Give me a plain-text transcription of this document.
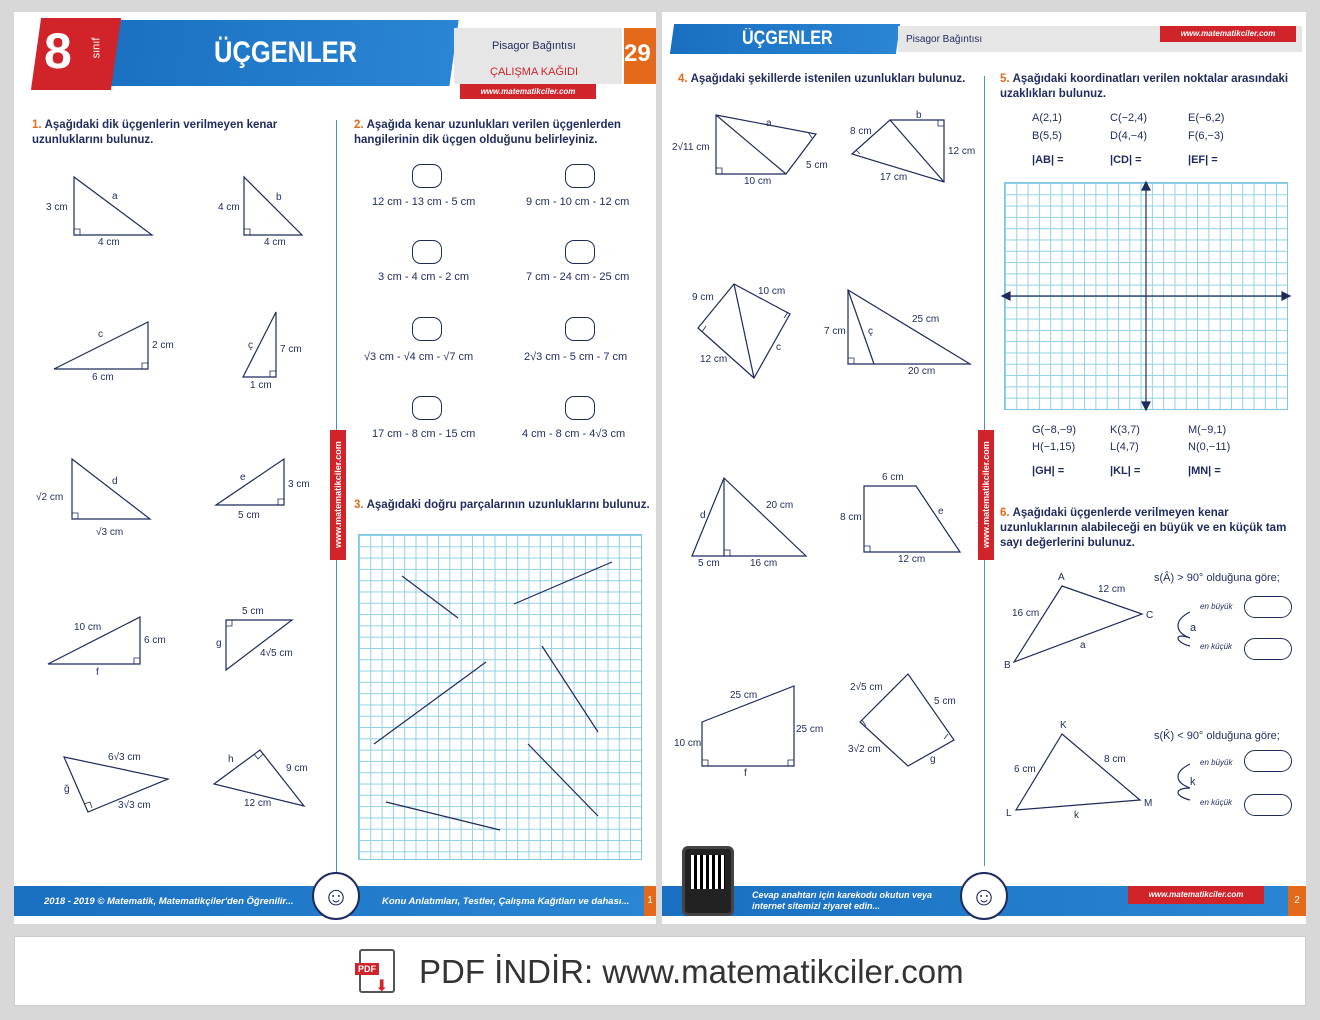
8 sınıf	ÜÇGENLER	Pisagor Bağıntısı
ÇALIŞMA KAĞIDI
29
www.matematikciler.com
www.matematikciler.com
1. Aşağıdaki dik üçgenlerin verilmeyen kenar uzunluklarını bulunuz.
3 cm
4 cm
a
4 cm
4 cm
b
c
2 cm
6 cm
ç	7 cm
1 cm
√2 cm
d
√3 cm
e
3 cm
5 cm
10 cm
6 cm
f
5 cm
g
4√5 cm
6√3 cm
ğ
3√3 cm
h
9 cm
12 cm
2. Aşağıda kenar uzunlukları verilen üçgenlerden hangilerinin dik üçgen olduğunu belirleyiniz.
12 cm - 13 cm - 5 cm	9 cm - 10 cm - 12 cm
3 cm - 4 cm - 2 cm	7 cm - 24 cm - 25 cm
√3 cm - √4 cm - √7 cm	2√3 cm - 5 cm - 7 cm
17 cm - 8 cm - 15 cm	4 cm - 8 cm - 4√3 cm
3. Aşağıdaki doğru parçalarının uzunluklarını bulunuz.
2018 - 2019 © Matematik, Matematikçiler'den Öğrenilir...	☺	Konu Anlatımları, Testler, Çalışma Kağıtları ve dahası...	1
ÜÇGENLER	Pisagor Bağıntısı
www.matematikciler.com
www.matematikciler.com
4. Aşağıdaki şekillerde istenilen uzunlukları bulunuz.
2√11 cm
a
5 cm
10 cm
b
8 cm
12 cm
17 cm
9 cm
10 cm
12 cm
c
7 cm ç
25 cm
20 cm
d
20 cm
5 cm	16 cm
6 cm
8 cm
e
12 cm
25 cm
10 cm
25 cm
f
2√5 cm
5 cm
3√2 cm
g
5. Aşağıdaki koordinatları verilen noktalar arasındaki uzaklıkları bulunuz.
A(2,1)	C(−2,4)	E(−6,2)
B(5,5)	D(4,−4)	F(6,−3)
|AB| =	|CD| =	|EF| =
G(−8,−9)	K(3,7)	M(−9,1)
H(−1,15)	L(4,7)	N(0,−11)
|GH| =	|KL| =	|MN| =
6. Aşağıdaki üçgenlerde verilmeyen kenar uzunluklarının alabileceği en büyük ve en küçük tam sayı değerlerini bulunuz.
A
B
C
16 cm
12 cm
a
s(Â) > 90° olduğuna göre;
en büyük
en küçük
a
K
L
M
6 cm
8 cm
k
s(K̂) < 90° olduğuna göre;
en büyük
en küçük
k
Cevap anahtarı için karekodu okutun veya internet sitemizi ziyaret edin...	☺	www.matematikciler.com
2
PDF
⬇ PDF İNDİR: www.matematikciler.com
